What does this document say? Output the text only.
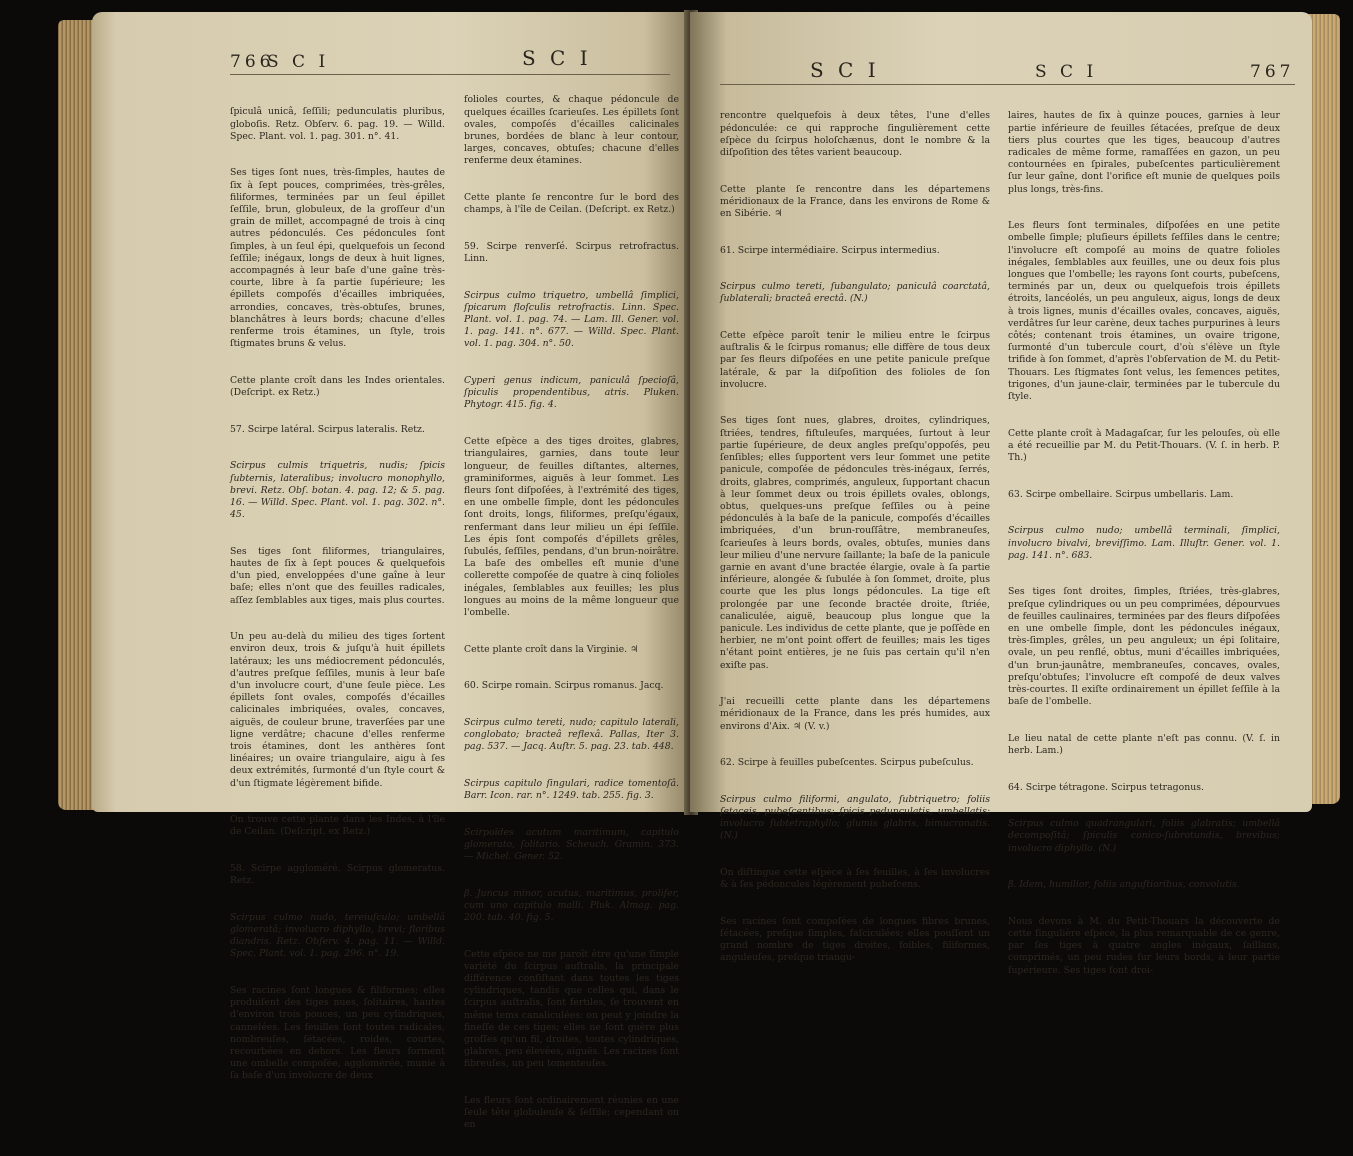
766
S C I	S C I

ſpiculâ unicâ, ſeſſili; pedunculatis pluribus, globoſis. Retz. Obſerv. 6. pag. 19. — Willd. Spec. Plant. vol. 1. pag. 301. n°. 41.

Ses tiges ſont nues, très-ſimples, hautes de ſix à ſept pouces, comprimées, très-grêles, filiformes, terminées par un ſeul épillet ſeſſile, brun, globuleux, de la groſſeur d'un grain de millet, accompagné de trois à cinq autres pédonculés. Ces pédoncules ſont ſimples, à un ſeul épi, quelquefois un ſecond ſeſſile; inégaux, longs de deux à huit lignes, accompagnés à leur baſe d'une gaîne très-courte, libre à ſa partie ſupérieure; les épillets compoſés d'écailles imbriquées, arrondies, concaves, très-obtuſes, brunes, blanchâtres à leurs bords; chacune d'elles renferme trois étamines, un ſtyle, trois ſtigmates bruns & velus.

Cette plante croît dans les Indes orientales. (Deſcript. ex Retz.)

57. Scirpe latéral. Scirpus lateralis. Retz.

Scirpus culmis triquetris, nudis; ſpicis ſubternis, lateralibus; involucro monophyllo, brevi. Retz. Obſ. botan. 4. pag. 12; & 5. pag. 16. — Willd. Spec. Plant. vol. 1. pag. 302. n°. 45.

Ses tiges ſont filiformes, triangulaires, hautes de ſix à ſept pouces & quelquefois d'un pied, enveloppées d'une gaîne à leur baſe; elles n'ont que des feuilles radicales, aſſez ſemblables aux tiges, mais plus courtes.

Un peu au-delà du milieu des tiges ſortent environ deux, trois & juſqu'à huit épillets latéraux; les uns médiocrement pédonculés, d'autres preſque ſeſſiles, munis à leur baſe d'un involucre court, d'une ſeule pièce. Les épillets ſont ovales, compoſés d'écailles calicinales imbriquées, ovales, concaves, aiguës, de couleur brune, traverſées par une ligne verdâtre; chacune d'elles renferme trois étamines, dont les anthères ſont linéaires; un ovaire triangulaire, aigu à ſes deux extrémités, ſurmonté d'un ſtyle court & d'un ſtigmate légèrement bifide.

On trouve cette plante dans les Indes, à l'île de Ceilan. (Deſcript. ex Retz.)

58. Scirpe aggloméré. Scirpus glomeratus. Retz.

Scirpus culmo nudo, tereiuſculo; umbellâ glomeratâ; involucro diphyllo, brevi; floribus diandris. Retz. Obſerv. 4. pag. 11. — Willd. Spec. Plant. vol. 1. pag. 296. n°. 19.

Ses racines ſont longues & filiformes; elles produiſent des tiges nues, ſolitaires, hautes d'environ trois pouces, un peu cylindriques, cannelées. Les feuilles ſont toutes radicales, nombreuſes, ſétacées, roides, courtes, recourbées en dehors. Les fleurs forment une ombelle compoſée, agglomérée, munie à ſa baſe d'un involucre de deux

folioles courtes, & chaque pédoncule de quelques écailles ſcarieuſes. Les épillets ſont ovales, compoſés d'écailles calicinales brunes, bordées de blanc à leur contour, larges, concaves, obtuſes; chacune d'elles renferme deux étamines.

Cette plante ſe rencontre ſur le bord des champs, à l'île de Ceilan. (Deſcript. ex Retz.)

59. Scirpe renverſé. Scirpus retrofractus. Linn.

Scirpus culmo triquetro, umbellâ ſimplici, ſpicarum floſculis retrofractis. Linn. Spec. Plant. vol. 1. pag. 74. — Lam. Ill. Gener. vol. 1. pag. 141. n°. 677. — Willd. Spec. Plant. vol. 1. pag. 304. n°. 50.

Cyperi genus indicum, paniculâ ſpecioſâ, ſpiculis propendentibus, atris. Pluken. Phytogr. 415. fig. 4.

Cette eſpèce a des tiges droites, glabres, triangulaires, garnies, dans toute leur longueur, de feuilles diſtantes, alternes, graminiformes, aiguës à leur ſommet. Les fleurs ſont diſpoſées, à l'extrémité des tiges, en une ombelle ſimple, dont les pédoncules ſont droits, longs, filiformes, preſqu'égaux, renfermant dans leur milieu un épi ſeſſile. Les épis ſont compoſés d'épillets grêles, ſubulés, ſeſſiles, pendans, d'un brun-noirâtre. La baſe des ombelles eſt munie d'une collerette compoſée de quatre à cinq folioles inégales, ſemblables aux feuilles; les plus longues au moins de la même longueur que l'ombelle.

Cette plante croît dans la Virginie. ♃

60. Scirpe romain. Scirpus romanus. Jacq.

Scirpus culmo tereti, nudo; capitulo laterali, conglobato; bracteâ reflexâ. Pallas, Iter 3. pag. 537. — Jacq. Auſtr. 5. pag. 23. tab. 448.

Scirpus capitulo ſingulari, radice tomentoſâ. Barr. Icon. rar. n°. 1249. tab. 255. fig. 3.

Scirpoïdes acutum maritimum, capitulo glomerato, ſolitario. Scheuch. Gramin. 373. — Michel. Gener. 52.

β. Juncus minor, acutus, maritimus, prolifer, cum uno capitulo malli. Pluk. Almag. pag. 200. tab. 40. fig. 5.

Cette eſpèce ne me paroît être qu'une ſimple variété du ſcirpus auſtralis, la principale différence conſiſtant dans toutes les tiges cylindriques, tandis que celles qui, dans le ſcirpus auſtralis, ſont fertiles, ſe trouvent en même tems canaliculées: on peut y joindre la fineſſe de ces tiges; elles ne ſont guère plus groſſes qu'un fil, droites, toutes cylindriques, glabres, peu élevées, aiguës. Les racines ſont fibreuſes, un peu tomenteuſes.

Les fleurs ſont ordinairement réunies en une ſeule tête globuleuſe & ſeſſile; cependant on en

S C I	S C I	767

rencontre quelquefois à deux têtes, l'une d'elles pédonculée: ce qui rapproche ſingulièrement cette eſpèce du ſcirpus holoſchænus, dont le nombre & la diſpoſition des têtes varient beaucoup.

Cette plante ſe rencontre dans les départemens méridionaux de la France, dans les environs de Rome & en Sibérie. ♃

61. Scirpe intermédiaire. Scirpus intermedius.

Scirpus culmo tereti, ſubangulato; paniculâ coarctatâ, ſublaterali; bracteâ erectâ. (N.)

Cette eſpèce paroît tenir le milieu entre le ſcirpus auſtralis & le ſcirpus romanus; elle diffère de tous deux par ſes fleurs diſpoſées en une petite panicule preſque latérale, & par la diſpoſition des folioles de ſon involucre.

Ses tiges ſont nues, glabres, droites, cylindriques, ſtriées, tendres, fiſtuleuſes, marquées, ſurtout à leur partie ſupérieure, de deux angles preſqu'oppoſés, peu ſenſibles; elles ſupportent vers leur ſommet une petite panicule, compoſée de pédoncules très-inégaux, ſerrés, droits, glabres, comprimés, anguleux, ſupportant chacun à leur ſommet deux ou trois épillets ovales, oblongs, obtus, quelques-uns preſque ſeſſiles ou à peine pédonculés à la baſe de la panicule, compoſés d'écailles imbriquées, d'un brun-rouſſâtre, membraneuſes, ſcarieuſes à leurs bords, ovales, obtuſes, munies dans leur milieu d'une nervure ſaillante; la baſe de la panicule garnie en avant d'une bractée élargie, ovale à ſa partie inférieure, alongée & ſubulée à ſon ſommet, droite, plus courte que les plus longs pédoncules. La tige eſt prolongée par une ſeconde bractée droite, ſtriée, canaliculée, aiguë, beaucoup plus longue que la panicule. Les individus de cette plante, que je poſſède en herbier, ne m'ont point offert de feuilles; mais les tiges n'étant point entières, je ne ſuis pas certain qu'il n'en exiſte pas.

J'ai recueilli cette plante dans les départemens méridionaux de la France, dans les prés humides, aux environs d'Aix. ♃ (V. v.)

62. Scirpe à feuilles pubeſcentes. Scirpus pubeſculus.

Scirpus culmo filiformi, angulato, ſubtriquetro; foliis ſetaceis, pubeſcentibus; ſpicis pedunculatis, umbellatis; involucro ſubtetraphyllo; glumis glabris, bimucronatis. (N.)

On diſtingue cette eſpèce à ſes feuilles, à ſes involucres & à ſes pédoncules légèrement pubeſcens.

Ses racines ſont compoſées de longues fibres brunes, ſétacées, preſque ſimples, faſciculées; elles pouſſent un grand nombre de tiges droites, foibles, filiformes, anguleuſes, preſque triangu-

laires, hautes de ſix à quinze pouces, garnies à leur partie inférieure de feuilles ſétacées, preſque de deux tiers plus courtes que les tiges, beaucoup d'autres radicales de même forme, ramaſſées en gazon, un peu contournées en ſpirales, pubeſcentes particulièrement ſur leur gaîne, dont l'orifice eſt munie de quelques poils plus longs, très-fins.

Les fleurs ſont terminales, diſpoſées en une petite ombelle ſimple; pluſieurs épillets ſeſſiles dans le centre; l'involucre eſt compoſé au moins de quatre folioles inégales, ſemblables aux feuilles, une ou deux fois plus longues que l'ombelle; les rayons ſont courts, pubeſcens, terminés par un, deux ou quelquefois trois épillets étroits, lancéolés, un peu anguleux, aigus, longs de deux à trois lignes, munis d'écailles ovales, concaves, aiguës, verdâtres ſur leur carène, deux taches purpurines à leurs côtés; contenant trois étamines, un ovaire trigone, ſurmonté d'un tubercule court, d'où s'élève un ſtyle trifide à ſon ſommet, d'après l'obſervation de M. du Petit-Thouars. Les ſtigmates ſont velus, les ſemences petites, trigones, d'un jaune-clair, terminées par le tubercule du ſtyle.

Cette plante croît à Madagaſcar, ſur les pelouſes, où elle a été recueillie par M. du Petit-Thouars. (V. ſ. in herb. P. Th.)

63. Scirpe ombellaire. Scirpus umbellaris. Lam.

Scirpus culmo nudo; umbellâ terminali, ſimplici, involucro bivalvi, breviſſimo. Lam. Illuſtr. Gener. vol. 1. pag. 141. n°. 683.

Ses tiges ſont droites, ſimples, ſtriées, très-glabres, preſque cylindriques ou un peu comprimées, dépourvues de feuilles caulinaires, terminées par des fleurs diſpoſées en une ombelle ſimple, dont les pédoncules inégaux, très-ſimples, grêles, un peu anguleux; un épi ſolitaire, ovale, un peu renflé, obtus, muni d'écailles imbriquées, d'un brun-jaunâtre, membraneuſes, concaves, ovales, preſqu'obtuſes; l'involucre eſt compoſé de deux valves très-courtes. Il exiſte ordinairement un épillet ſeſſile à la baſe de l'ombelle.

Le lieu natal de cette plante n'eſt pas connu. (V. ſ. in herb. Lam.)

64. Scirpe tétragone. Scirpus tetragonus.

Scirpus culmo quadrangulari, foliis glabratis; umbellâ decompoſitâ; ſpiculis conico-ſubrotundis, brevibus; involucro diphyllo. (N.)

β. Idem, humilior, foliis anguſtioribus, convolutis.

Nous devons à M. du Petit-Thouars la découverte de cette ſingulière eſpèce, la plus remarquable de ce genre, par ſes tiges à quatre angles inégaux, ſaillans, comprimés, un peu rudes ſur leurs bords, à leur partie ſupérieure. Ses tiges ſont droi-
